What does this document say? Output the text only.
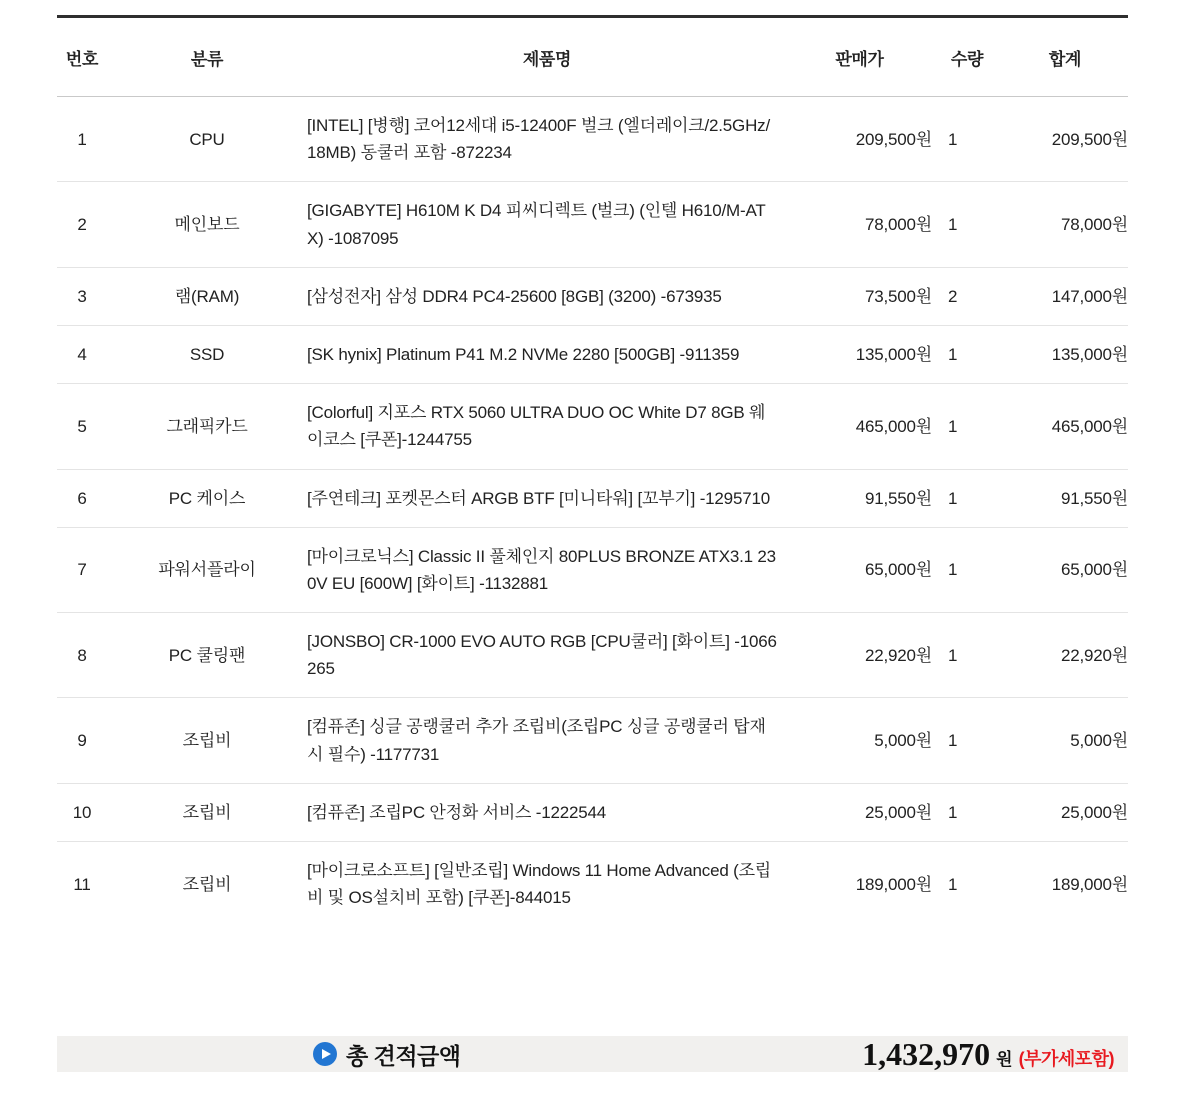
번호	분류	제품명	판매가	수량	합계
1	CPU	[INTEL] [병행] 코어12세대 i5-12400F 벌크 (엘더레이크/2.5GHz/18MB) 동쿨러 포함 -872234	209,500원	1	209,500원
2	메인보드	[GIGABYTE] H610M K D4 피씨디렉트 (벌크) (인텔 H610/M-ATX) -1087095	78,000원	1	78,000원
3	램(RAM)	[삼성전자] 삼성 DDR4 PC4-25600 [8GB] (3200) -673935	73,500원	2	147,000원
4	SSD	[SK hynix] Platinum P41 M.2 NVMe 2280 [500GB] -911359	135,000원	1	135,000원
5	그래픽카드	[Colorful] 지포스 RTX 5060 ULTRA DUO OC White D7 8GB 웨이코스 [쿠폰]-1244755	465,000원	1	465,000원
6	PC 케이스	[주연테크] 포켓몬스터 ARGB BTF [미니타워] [꼬부기] -1295710	91,550원	1	91,550원
7	파워서플라이	[마이크로닉스] Classic II 풀체인지 80PLUS BRONZE ATX3.1 230V EU [600W] [화이트] -1132881	65,000원	1	65,000원
8	PC 쿨링팬	[JONSBO] CR-1000 EVO AUTO RGB [CPU쿨러] [화이트] -1066265	22,920원	1	22,920원
9	조립비	[컴퓨존] 싱글 공랭쿨러 추가 조립비(조립PC 싱글 공랭쿨러 탑재 시 필수) -1177731	5,000원	1	5,000원
10	조립비	[컴퓨존] 조립PC 안정화 서비스 -1222544	25,000원	1	25,000원
11	조립비	[마이크로소프트] [일반조립] Windows 11 Home Advanced (조립비 및 OS설치비 포함) [쿠폰]-844015	189,000원	1	189,000원
총 견적금액	1,432,970 원 (부가세포함)
